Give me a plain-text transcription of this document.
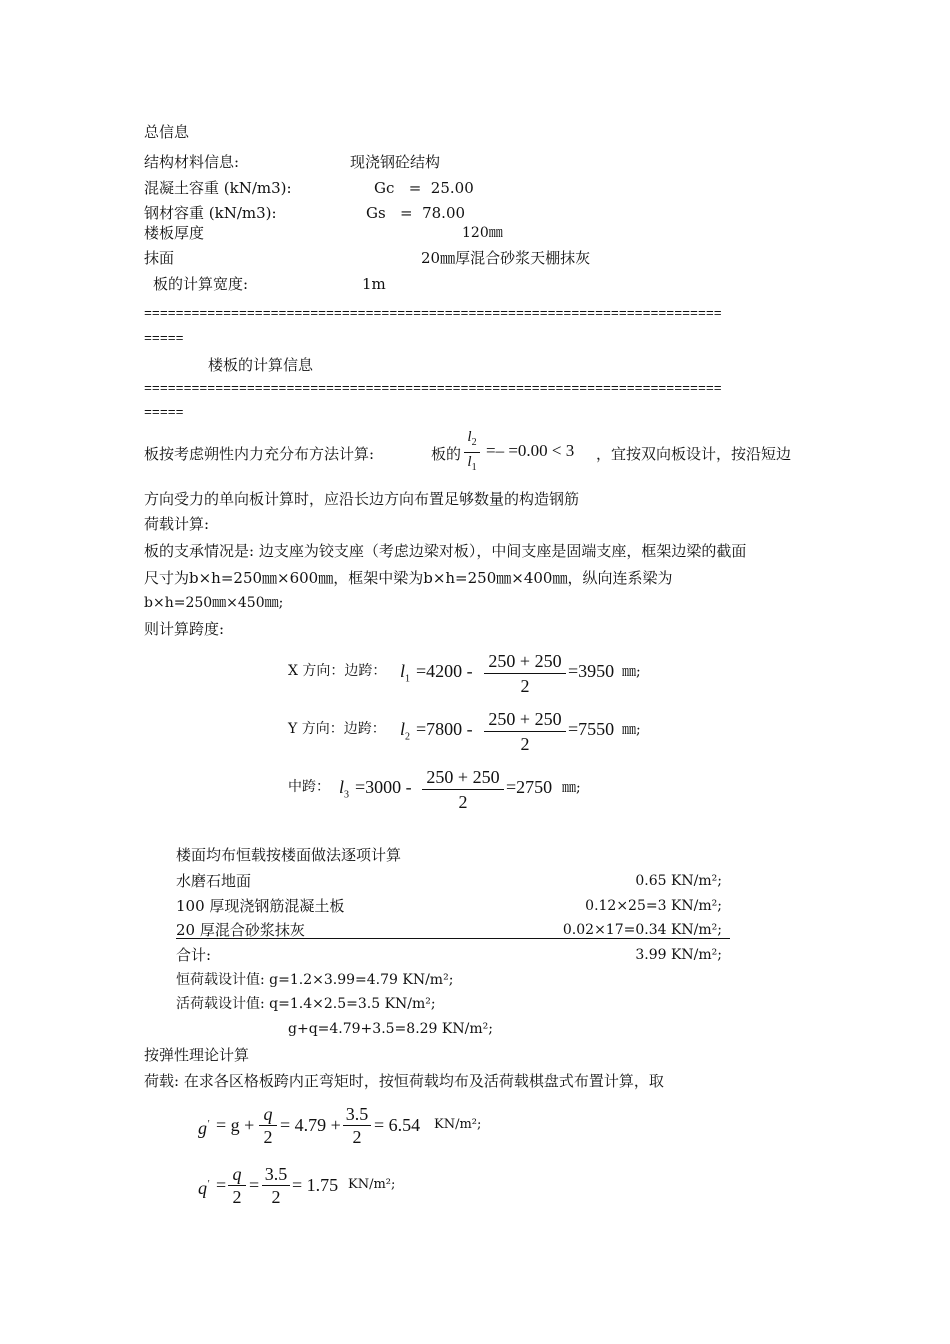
总信息
结构材料信息:	现浇钢砼结构
混凝土容重 (kN/m3):	Gc   =  25.00
钢材容重 (kN/m3):	Gs   =  78.00
楼板厚度	120㎜
抹面	20㎜厚混合砂浆天棚抹灰
板的计算宽度:	1m
=========================================================================
=====
楼板的计算信息
=========================================================================
=====
板按考虑朔性内力充分布方法计算:	板的
$l_2$
$l_1$
=– =0.00 < 3 ，宜按双向板设计，按沿短边
方向受力的单向板计算时，应沿长边方向布置足够数量的构造钢筋
荷载计算:
板的支承情况是: 边支座为铰支座（考虑边梁对板），中间支座是固端支座，框架边梁的截面
尺寸为b×h=250㎜×600㎜，框架中梁为b×h=250㎜×400㎜，纵向连系梁为
b×h=250㎜×450㎜;
则计算跨度:
X 方向：边跨： $l_1 =4200 - 250 + 250$
2
=3950 ㎜;
Y 方向：边跨： $l_2 =7800 - 250 + 250$
2
=7550 ㎜;
中跨： $l_3 =3000 - 250 + 250$
2
=2750 ㎜;
楼面均布恒载按楼面做法逐项计算
水磨石地面	0.65 KN/m²;
100 厚现浇钢筋混凝土板	0.12×25=3 KN/m²;
20 厚混合砂浆抹灰	0.02×17=0.34 KN/m²;
合计:	3.99 KN/m²;
恒荷载设计值: g=1.2×3.99=4.79 KN/m²;
活荷载设计值: q=1.4×2.5=3.5 KN/m²;
g+q=4.79+3.5=8.29 KN/m²;
按弹性理论计算
荷载: 在求各区格板跨内正弯矩时，按恒荷载均布及活荷载棋盘式布置计算，取
g' = g +
q
2
= 4.79 +
3.5
2
= 6.54 KN/m²;
q' =
q
2
=
3.5
2
= 1.75 KN/m²;
